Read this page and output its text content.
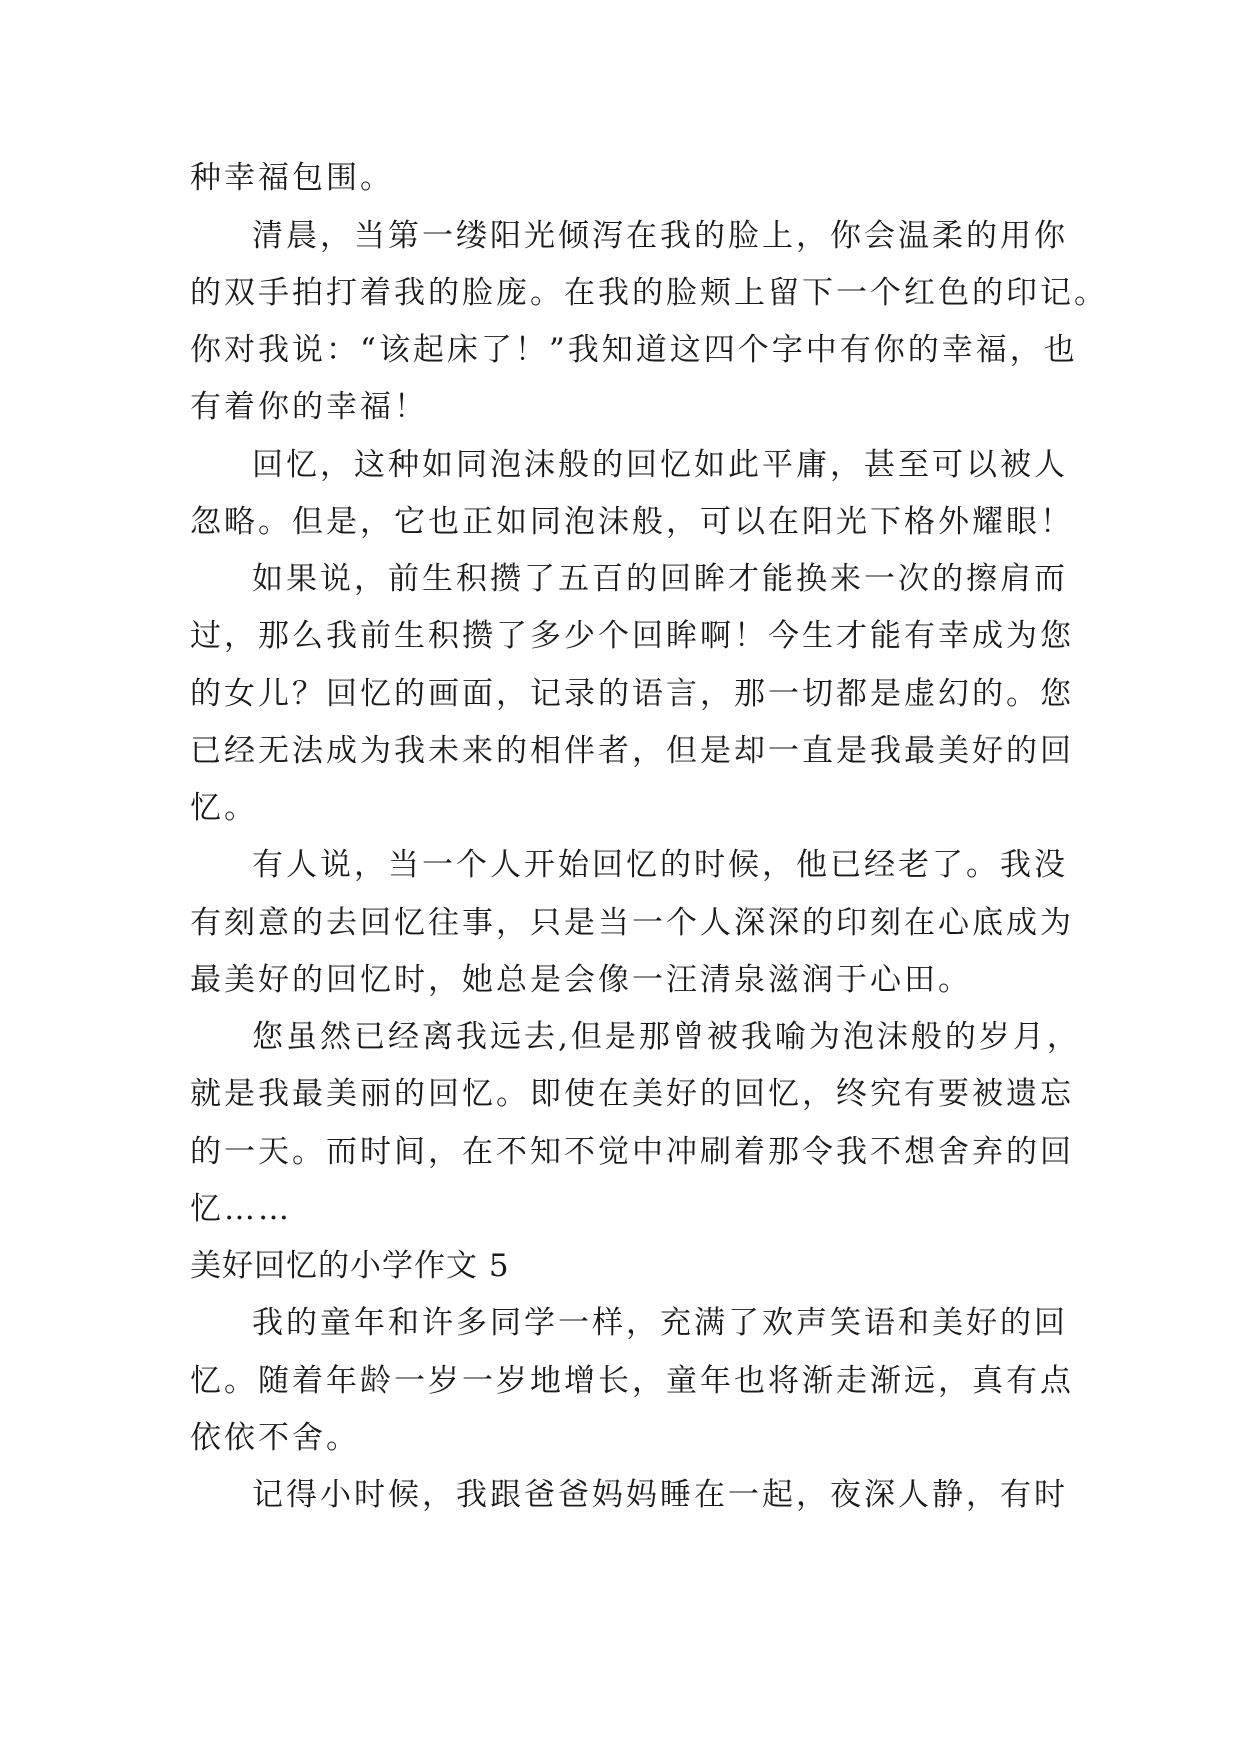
种幸福包围。
清晨，当第一缕阳光倾泻在我的脸上，你会温柔的用你
的双手拍打着我的脸庞。在我的脸颊上留下一个红色的印记。
你对我说：“该起床了！”我知道这四个字中有你的幸福，也
有着你的幸福！
回忆，这种如同泡沫般的回忆如此平庸，甚至可以被人
忽略。但是，它也正如同泡沫般，可以在阳光下格外耀眼！
如果说，前生积攒了五百的回眸才能换来一次的擦肩而
过，那么我前生积攒了多少个回眸啊！今生才能有幸成为您
的女儿？回忆的画面，记录的语言，那一切都是虚幻的。您
已经无法成为我未来的相伴者，但是却一直是我最美好的回
忆。
有人说，当一个人开始回忆的时候，他已经老了。我没
有刻意的去回忆往事，只是当一个人深深的印刻在心底成为
最美好的回忆时，她总是会像一汪清泉滋润于心田。
您虽然已经离我远去,但是那曾被我喻为泡沫般的岁月，
就是我最美丽的回忆。即使在美好的回忆，终究有要被遗忘
的一天。而时间，在不知不觉中冲刷着那令我不想舍弃的回
忆……
美好回忆的小学作文 5
我的童年和许多同学一样，充满了欢声笑语和美好的回
忆。随着年龄一岁一岁地增长，童年也将渐走渐远，真有点
依依不舍。
记得小时候，我跟爸爸妈妈睡在一起，夜深人静，有时
